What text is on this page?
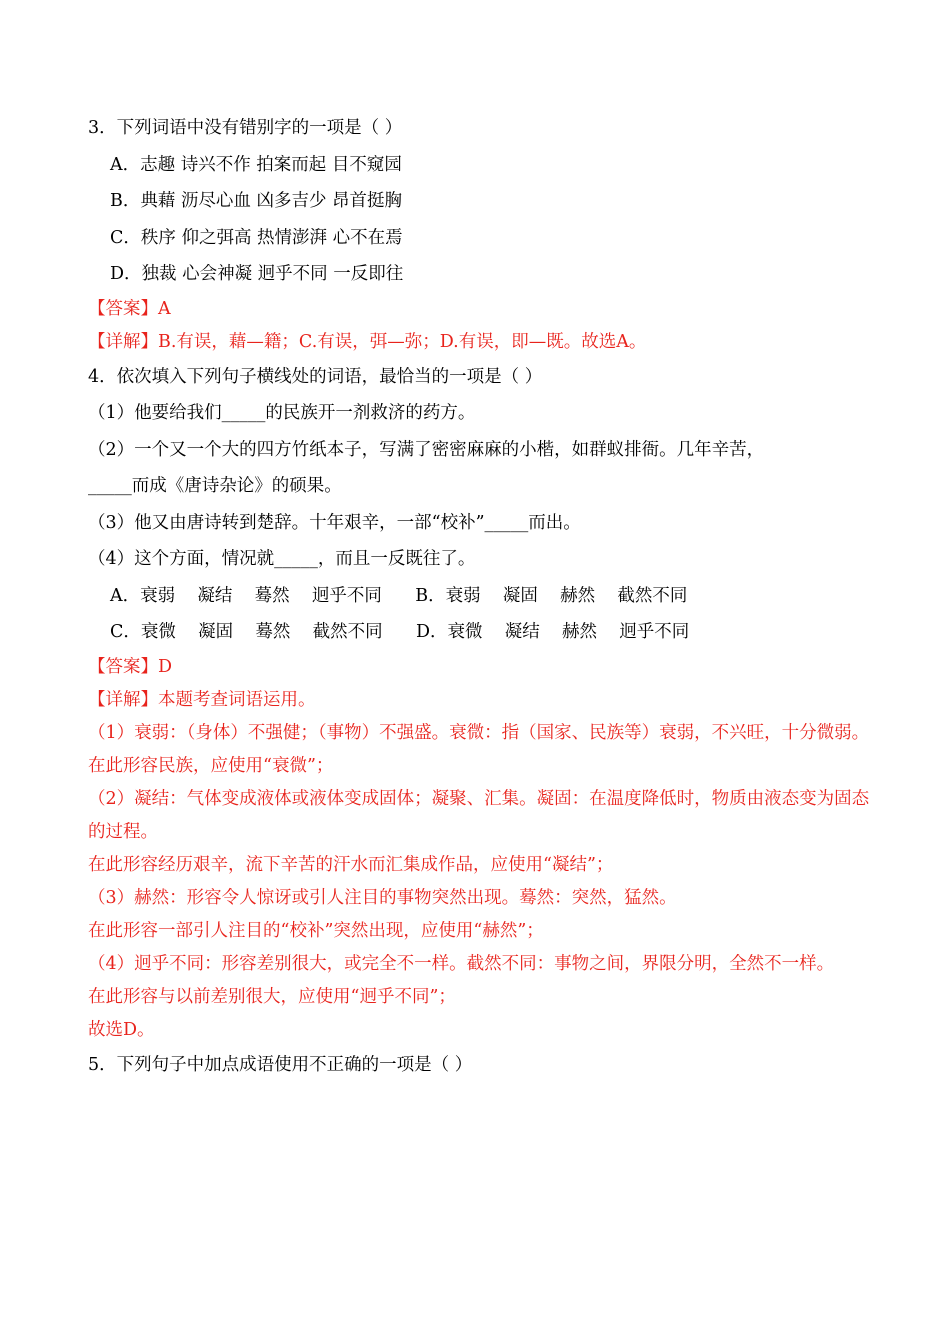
3．下列词语中没有错别字的一项是（ ）
A．志趣 诗兴不作 拍案而起 目不窥园
B．典藉 沥尽心血 凶多吉少 昂首挺胸
C．秩序 仰之弭高 热情澎湃 心不在焉
D．独裁 心会神凝 迥乎不同 一反即往
【答案】A
【详解】B.有误，藉—籍；C.有误，弭—弥；D.有误，即—既。故选A。
4．依次填入下列句子横线处的词语，最恰当的一项是（ ）
（1）他要给我们_____的民族开一剂救济的药方。
（2）一个又一个大的四方竹纸本子，写满了密密麻麻的小楷，如群蚁排衙。几年辛苦，
_____而成《唐诗杂论》的硕果。
（3）他又由唐诗转到楚辞。十年艰辛，一部“校补”_____而出。
（4）这个方面，情况就_____，而且一反既往了。
A．衰弱    凝结    蓦然    迥乎不同      B．衰弱    凝固    赫然    截然不同
C．衰微    凝固    蓦然    截然不同      D．衰微    凝结    赫然    迥乎不同
【答案】D
【详解】本题考查词语运用。
（1）衰弱：（身体）不强健；（事物）不强盛。衰微：指（国家、民族等）衰弱，不兴旺，十分微弱。
在此形容民族，应使用“衰微”；
（2）凝结：气体变成液体或液体变成固体；凝聚、汇集。凝固：在温度降低时，物质由液态变为固态的过程。
在此形容经历艰辛，流下辛苦的汗水而汇集成作品，应使用“凝结”；
（3）赫然：形容令人惊讶或引人注目的事物突然出现。蓦然：突然，猛然。
在此形容一部引人注目的“校补”突然出现，应使用“赫然”；
（4）迥乎不同：形容差别很大，或完全不一样。截然不同：事物之间，界限分明，全然不一样。
在此形容与以前差别很大，应使用“迥乎不同”；
故选D。
5．下列句子中加点成语使用不正确的一项是（ ）
